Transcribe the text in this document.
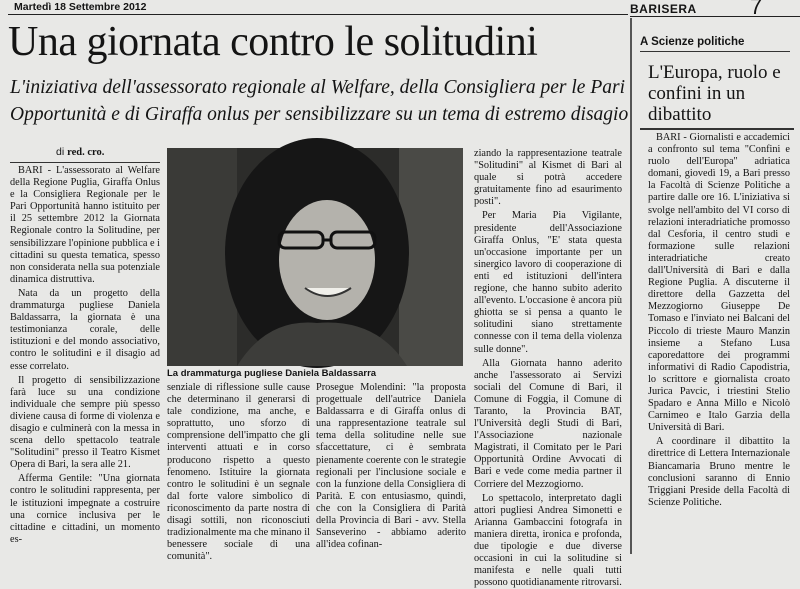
Martedì 18 Settembre 2012	BARISERA 7
Una giornata contro le solitudini
L'iniziativa dell'assessorato regionale al Welfare, della Consigliera per le Pari Opportunità e di Giraffa onlus per sensibilizzare su un tema di estremo disagio
di red. cro.

BARI - L'assessorato al Welfare della Regione Puglia, Giraffa Onlus e la Consigliera Regionale per le Pari Opportunità hanno istituito per il 25 settembre 2012 la Giornata Regionale contro la Solitudine, per sensibilizzare l'opinione pubblica e i cittadini su questa tematica, spesso non considerata nella sua potenziale dinamica distruttiva.

Nata da un progetto della drammaturga pugliese Daniela Baldassarra, la giornata è una testimonianza corale, delle istituzioni e del mondo associativo, contro le solitudini e il disagio ad esse correlato.

Il progetto di sensibilizzazione farà luce su una condizione individuale che sempre più spesso diviene causa di forme di violenza e disagio e culminerà con la messa in scena dello spettacolo teatrale "Solitudini" presso il Teatro Kismet Opera di Bari, la sera alle 21.

Afferma Gentile: "Una giornata contro le solitudini rappresenta, per le istituzioni impegnate a costruire una cornice inclusiva per le cittadine e cittadini, un momento es-

La drammaturga pugliese Daniela Baldassarra

senziale di riflessione sulle cause che determinano il generarsi di tale condizione, ma anche, e soprattutto, uno sforzo di comprensione dell'impatto che gli interventi attuati e in corso producono rispetto a questo fenomeno. Istituire la giornata contro le solitudini è un segnale dal forte valore simbolico di riconoscimento da parte nostra di disagi sottili, non riconosciuti tradizionalmente ma che minano il benessere sociale di una comunità".

Prosegue Molendini: "la proposta progettuale dell'autrice Daniela Baldassarra e di Giraffa onlus di una rappresentazione teatrale sul tema della solitudine nelle sue sfaccettature, ci è sembrata pienamente coerente con le strategie regionali per l'inclusione sociale e con la funzione della Consigliera di Parità. E con entusiasmo, quindi, che con la Consigliera di Parità della Provincia di Bari - avv. Stella Sanseverino - abbiamo aderito all'idea cofinan-

ziando la rappresentazione teatrale "Solitudini" al Kismet di Bari al quale si potrà accedere gratuitamente fino ad esaurimento posti".

Per Maria Pia Vigilante, presidente dell'Associazione Giraffa Onlus, "E' stata questa un'occasione importante per un sinergico lavoro di cooperazione di enti ed istituzioni dell'intera regione, che hanno subito aderito all'evento. L'occasione è ancora più ghiotta se si pensa a quanto le solitudini siano strettamente connesse con il tema della violenza sulle donne".

Alla Giornata hanno aderito anche l'assessorato ai Servizi sociali del Comune di Bari, il Comune di Foggia, il Comune di Taranto, la Provincia BAT, l'Università degli Studi di Bari, l'Associazione nazionale Magistrati, il Comitato per le Pari Opportunità Ordine Avvocati di Bari e vede come media partner il Corriere del Mezzogiorno.

Lo spettacolo, interpretato dagli attori pugliesi Andrea Simonetti e Arianna Gambaccini fotografa in maniera diretta, ironica e profonda, due tipologie e due diverse occasioni in cui la solitudine si manifesta e nelle quali tutti possono quotidianamente ritrovarsi.

A Scienze politiche
L'Europa, ruolo e confini in un dibattito

BARI - Giornalisti e accademici a confronto sul tema "Confini e ruolo dell'Europa" adriatica domani, giovedì 19, a Bari presso la Facoltà di Scienze Politiche a partire dalle ore 16. L'iniziativa si svolge nell'ambito del VI corso di relazioni interadriatiche promosso dal Cesforia, il centro studi e formazione sulle relazioni interadriatiche creato dall'Università di Bari e dalla Regione Puglia. A discuterne il direttore della Gazzetta del Mezzogiorno Giuseppe De Tomaso e l'inviato nei Balcani del Piccolo di trieste Mauro Manzin insieme a Stefano Lusa caporedattore dei programmi informativi di Radio Capodistria, lo scrittore e giornalista croato Jurica Pavcic, i triestini Stelio Spadaro e Anna Millo e Nicolò Carnimeo e Italo Garzia della Università di Bari.

A coordinare il dibattito la direttrice di Lettera Internazionale Biancamaria Bruno mentre le conclusioni saranno di Ennio Triggiani Preside della Facoltà di Scienze Politiche.
